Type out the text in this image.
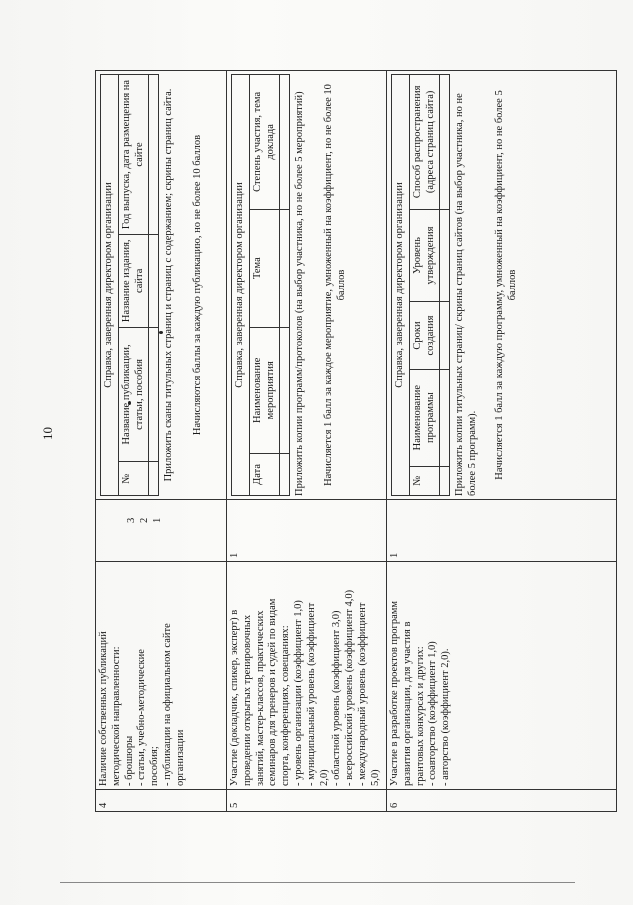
10
4	
Наличие собственных публикаций методической направленности: - брошюры - статьи, учебно-методические пособия; - публикации на официальном сайте организации

3 2 1

Справка, заверенная директором организации
№	Название публикации, статьи, пособия	Название издания, сайта	Год выпуска, дата размещения на сайте
			Приложить сканы титульных страниц и страниц с содержанием; скрины страниц сайта. Начисляются баллы за каждую публикацию, но не более 10 баллов

5	
Участие (докладчик, спикер, эксперт) в проведении открытых тренировочных занятий, мастер-классов, практических семинаров для тренеров и судей по видам спорта, конференциях, совещаниях: - уровень организации (коэффициент 1,0) - муниципальный уровень (коэффициент 2,0) - областной уровень (коэффициент 3,0) - всероссийский уровень (коэффициент 4,0) - международный уровень (коэффициент 5,0)

1

Справка, заверенная директором организации
Дата	Наименование мероприятия	Тема	Степень участия, тема доклада
			Приложить копии программ/протоколов (на выбор участника, но не более 5 мероприятий) Начисляется 1 балл за каждое мероприятие, умноженный на коэффициент, но не более 10 баллов

6	
Участие в разработке проектов программ развития организации, для участия в грантовых конкурсах и других: - соавторство (коэффициент 1,0) - авторство (коэффициент 2,0).

1

Справка, заверенная директором организации
№	Наименование программы	Сроки создания	Уровень утверждения	Способ распространения (адреса страниц сайта)
				Приложить копии титульных страниц/ скрины страниц сайтов (на выбор участника, но не более 5 программ). Начисляется 1 балл за каждую программу, умноженный на коэффициент, но не более 5 баллов
